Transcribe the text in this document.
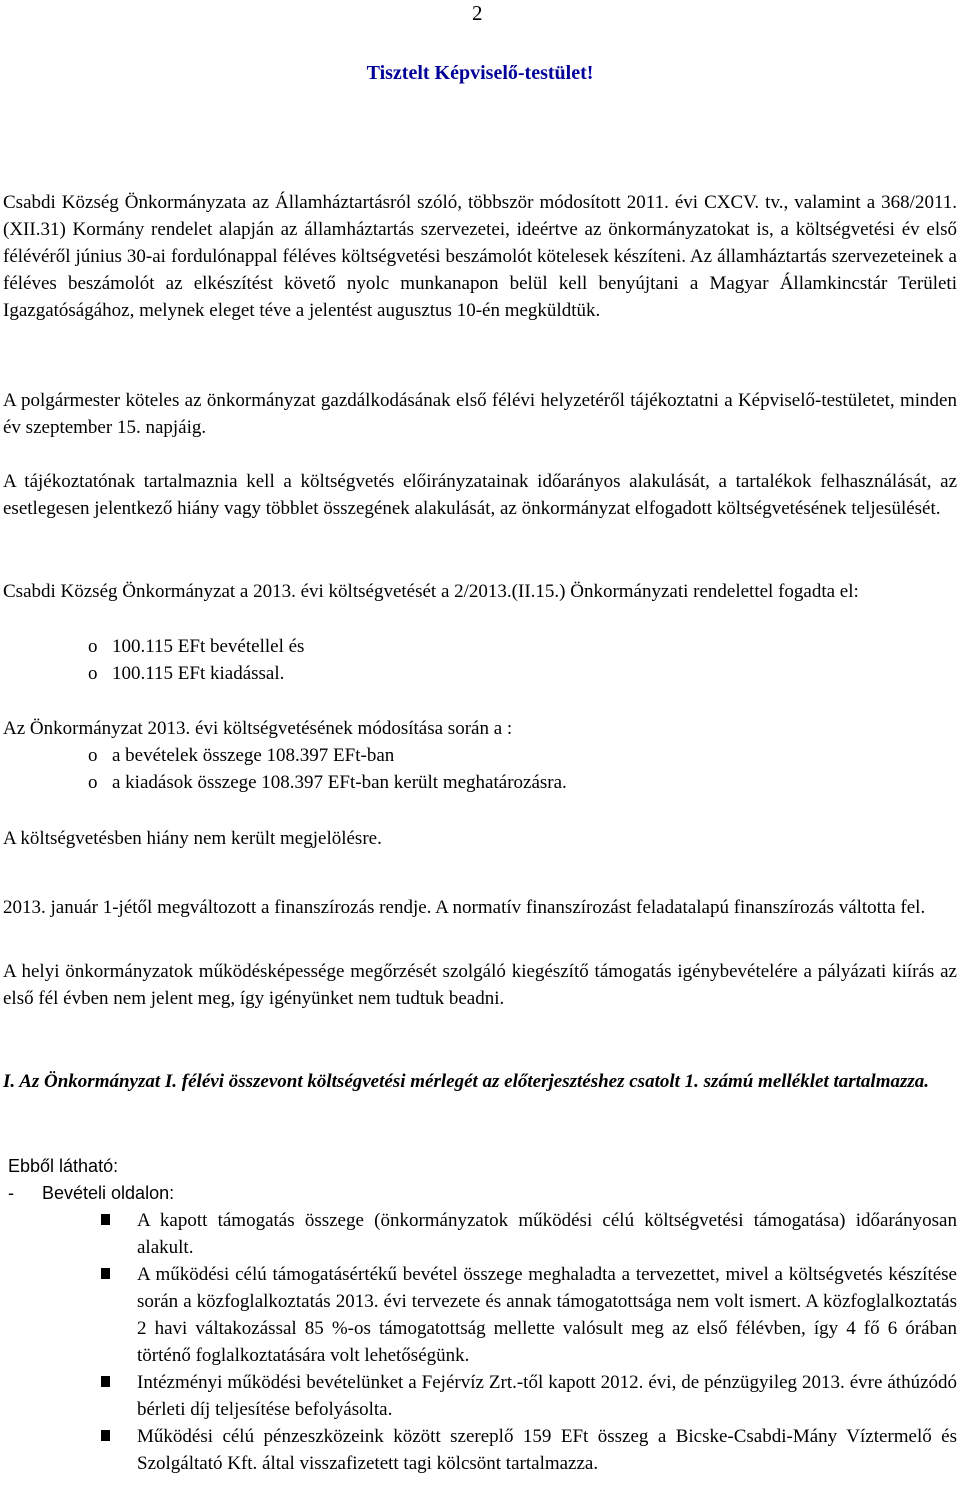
2
Tisztelt Képviselő-testület!
Csabdi Község Önkormányzata az Államháztartásról szóló, többször módosított 2011. évi CXCV. tv., valamint a 368/2011. (XII.31) Kormány rendelet alapján az államháztartás szervezetei, ideértve az önkormányzatokat is, a költségvetési év első félévéről június 30-ai fordulónappal féléves költségvetési beszámolót kötelesek készíteni. Az államháztartás szervezeteinek a féléves beszámolót az elkészítést követő nyolc munkanapon belül kell benyújtani a Magyar Államkincstár Területi Igazgatóságához, melynek eleget téve a jelentést augusztus 10-én megküldtük.
A polgármester köteles az önkormányzat gazdálkodásának első félévi helyzetéről tájékoztatni a Képviselő-testületet, minden év szeptember 15. napjáig.
A tájékoztatónak tartalmaznia kell a költségvetés előirányzatainak időarányos alakulását, a tartalékok felhasználását, az esetlegesen jelentkező hiány vagy többlet összegének alakulását, az önkormányzat elfogadott költségvetésének teljesülését.
Csabdi Község Önkormányzat a 2013. évi költségvetését a 2/2013.(II.15.) Önkormányzati rendelettel fogadta el:
o 100.115 EFt bevétellel és
o 100.115 EFt kiadással.
Az Önkormányzat 2013. évi költségvetésének módosítása során a :
o a bevételek összege 108.397 EFt-ban
o a kiadások összege 108.397 EFt-ban került meghatározásra.
A költségvetésben hiány nem került megjelölésre.
2013. január 1-jétől megváltozott a finanszírozás rendje. A normatív finanszírozást feladatalapú finanszírozás váltotta fel.
A helyi önkormányzatok működésképessége megőrzését szolgáló kiegészítő támogatás igénybevételére a pályázati kiírás az első fél évben nem jelent meg, így igényünket nem tudtuk beadni.
I. Az Önkormányzat I. félévi összevont költségvetési mérlegét az előterjesztéshez csatolt 1. számú melléklet tartalmazza.
Ebből látható:
- Bevételi oldalon:
A kapott támogatás összege (önkormányzatok működési célú költségvetési támogatása) időarányosan alakult.
A működési célú támogatásértékű bevétel összege meghaladta a tervezettet, mivel a költségvetés készítése során a közfoglalkoztatás 2013. évi tervezete és annak támogatottsága nem volt ismert. A közfoglalkoztatás 2 havi váltakozással 85 %-os támogatottság mellette valósult meg az első félévben, így 4 fő 6 órában történő foglalkoztatására volt lehetőségünk.
Intézményi működési bevételünket a Fejérvíz Zrt.-től kapott 2012. évi, de pénzügyileg 2013. évre áthúzódó bérleti díj teljesítése befolyásolta.
Működési célú pénzeszközeink között szereplő 159 EFt összeg a Bicske-Csabdi-Mány Víztermelő és Szolgáltató Kft. által visszafizetett tagi kölcsönt tartalmazza.
